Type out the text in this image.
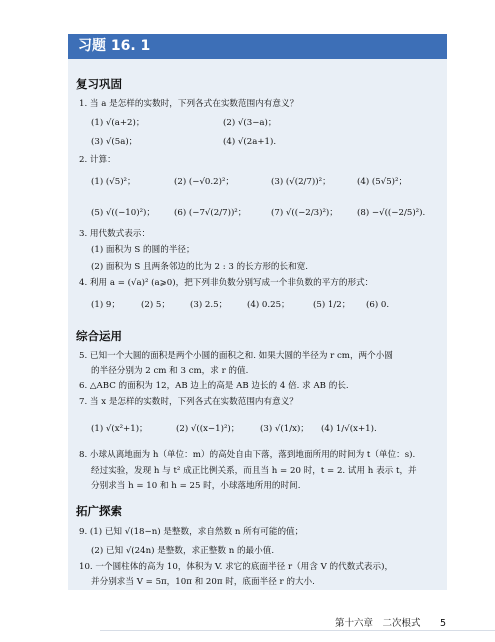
习题 16. 1
复习巩固
综合运用
拓广探索
1. 当 a 是怎样的实数时，下列各式在实数范围内有意义？
(1) √(a+2)；	(2) √(3−a)；
(3) √(5a)；	(4) √(2a+1).
2. 计算：
(1) (√5)²；	(2) (−√0.2)²；	(3) (√(2/7))²；	(4) (5√5)²；
(5) √((−10)²)； (6) (−7√(2/7))²；	(7) √((−2/3)²)； (8) −√((−2/5)²).
3. 用代数式表示：
(1) 面积为 S 的圆的半径；
(2) 面积为 S 且两条邻边的比为 2 : 3 的长方形的长和宽.
4. 利用 a = (√a)² (a⩾0)，把下列非负数分别写成一个非负数的平方的形式：
(1) 9； (2) 5； (3) 2.5； (4) 0.25；	(5) 1/2； (6) 0.
5. 已知一个大圆的面积是两个小圆的面积之和. 如果大圆的半径为 r cm，两个小圆
的半径分别为 2 cm 和 3 cm，求 r 的值.
6. △ABC 的面积为 12，AB 边上的高是 AB 边长的 4 倍. 求 AB 的长.
7. 当 x 是怎样的实数时，下列各式在实数范围内有意义？
(1) √(x²+1)；	(2) √((x−1)²)； (3) √(1/x)； (4) 1/√(x+1).
8. 小球从离地面为 h（单位：m）的高处自由下落，落到地面所用的时间为 t（单位：s).
经过实验，发现 h 与 t² 成正比例关系，而且当 h = 20 时，t = 2. 试用 h 表示 t，并
分别求当 h = 10 和 h = 25 时，小球落地所用的时间.
9. (1) 已知 √(18−n) 是整数，求自然数 n 所有可能的值；
(2) 已知 √(24n) 是整数，求正整数 n 的最小值.
10. 一个圆柱体的高为 10，体积为 V. 求它的底面半径 r（用含 V 的代数式表示)，
并分别求当 V = 5π，10π 和 20π 时，底面半径 r 的大小.
第十六章　二次根式 5
